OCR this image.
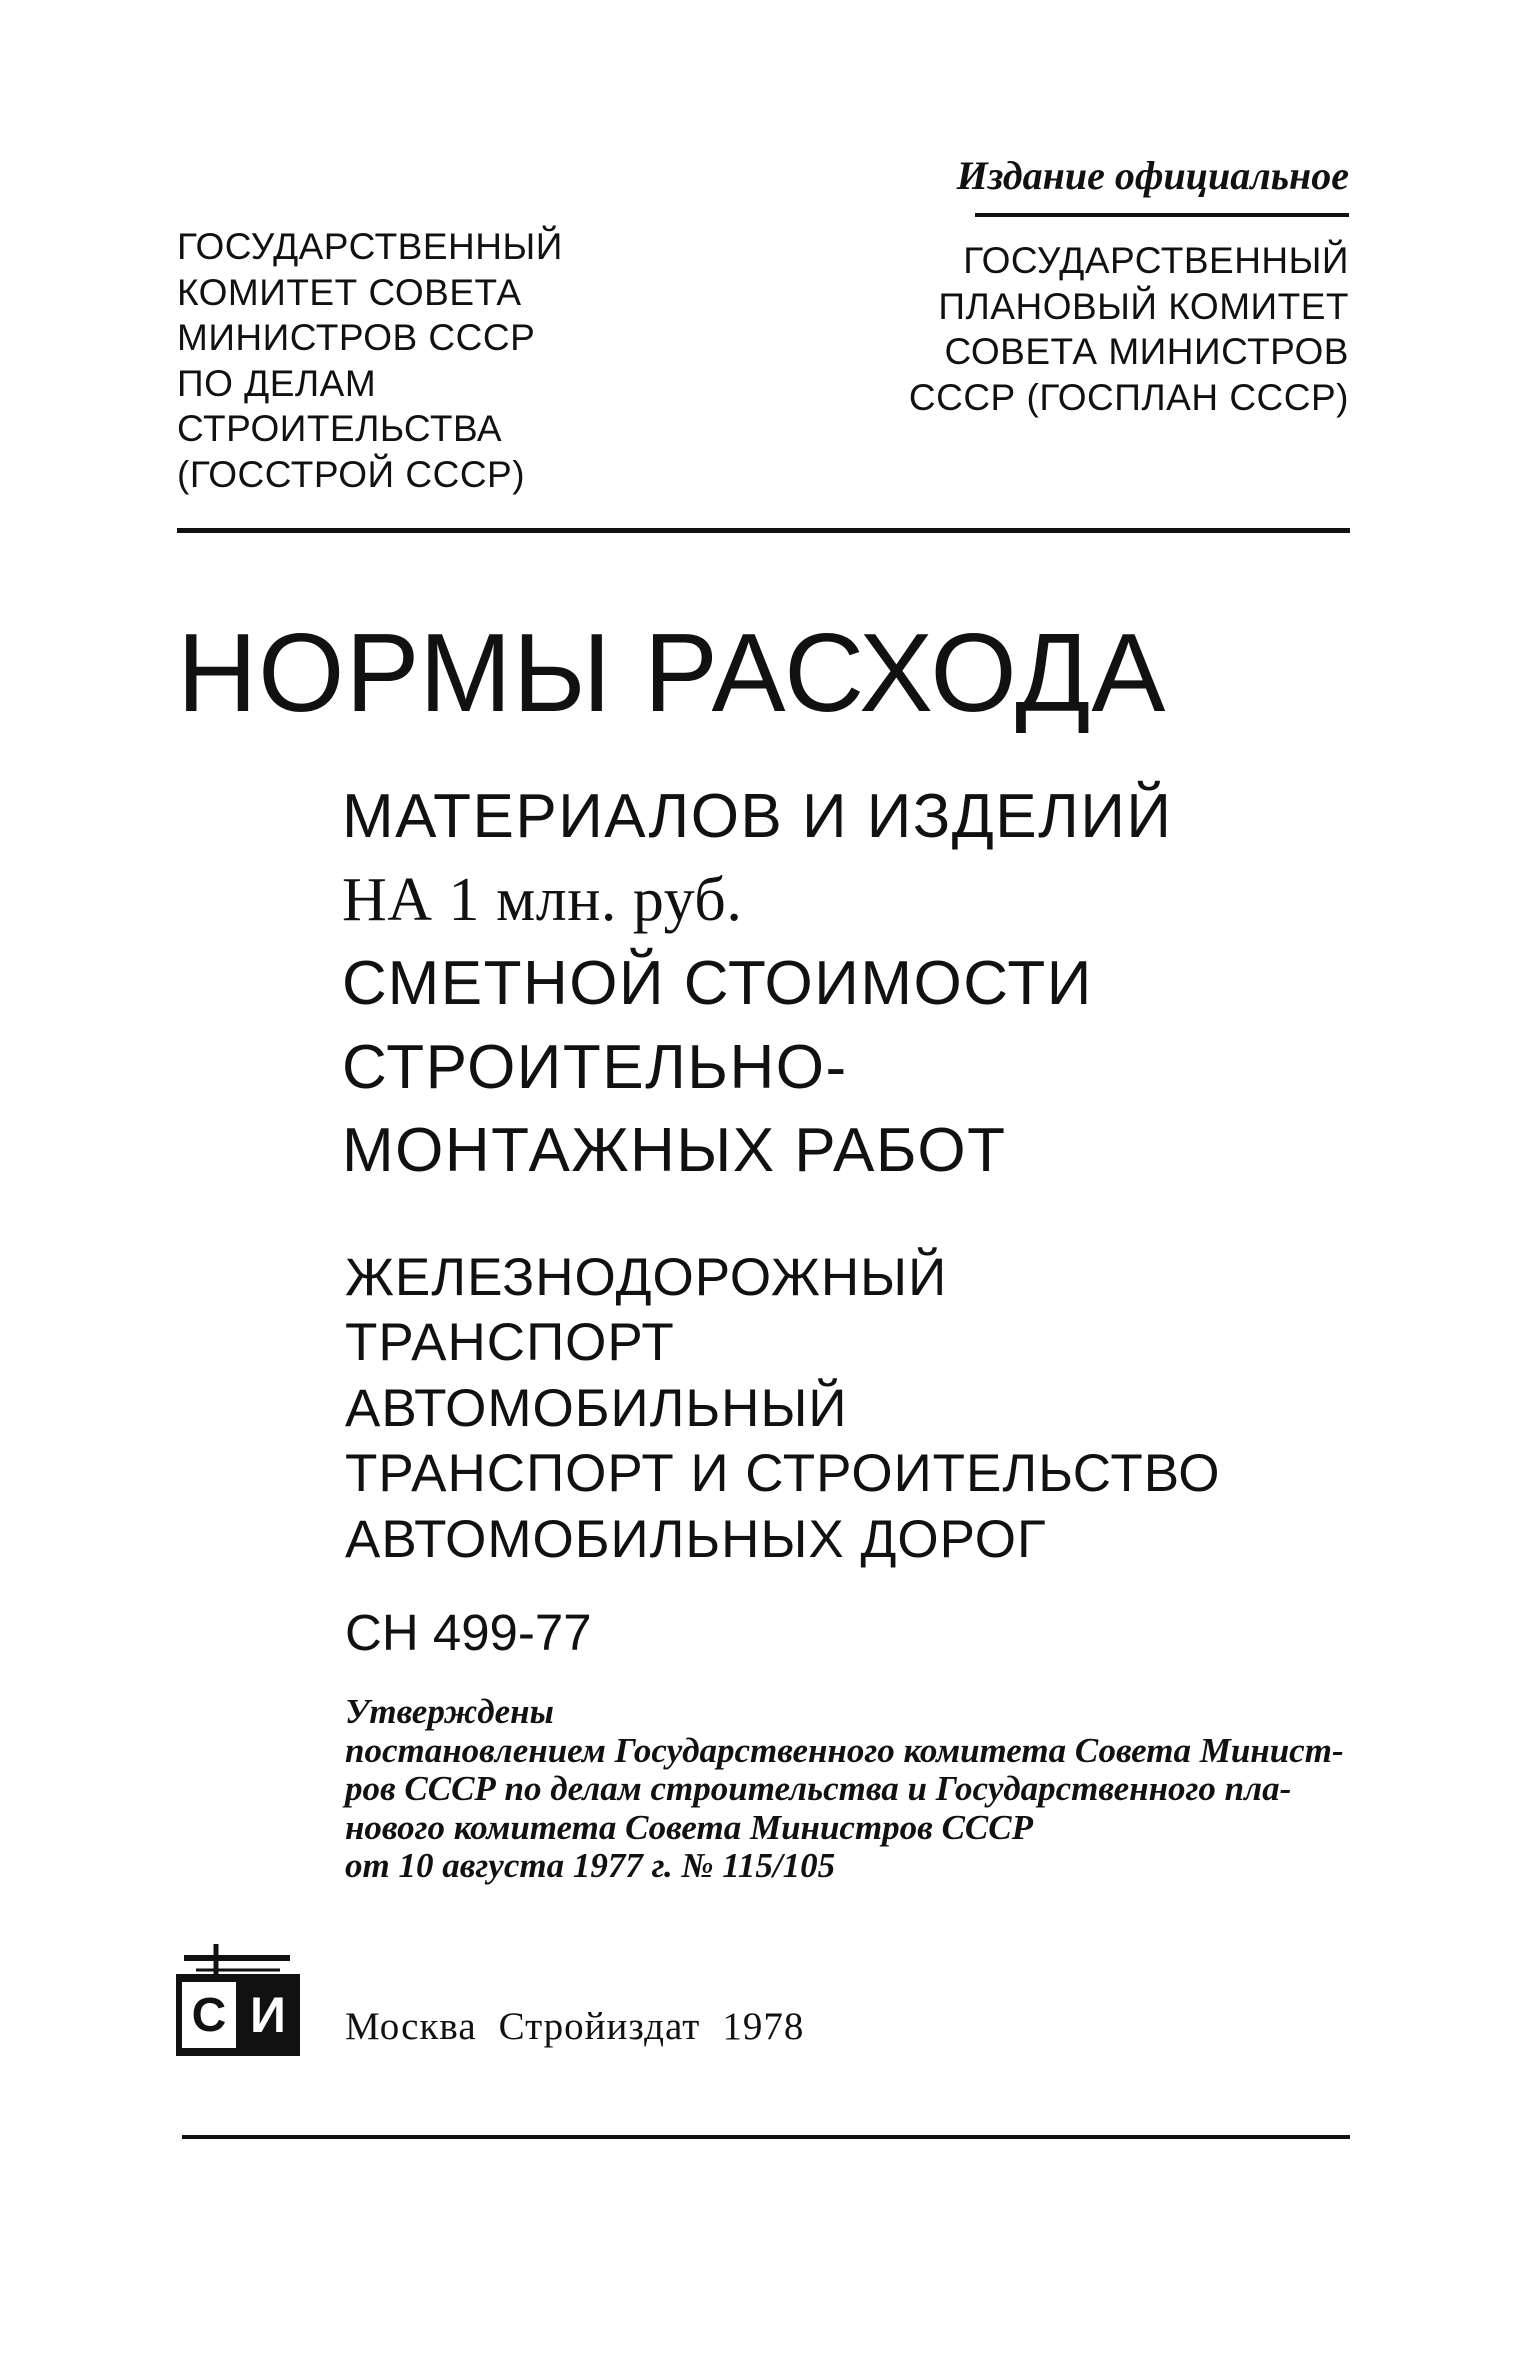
Издание официальное
ГОСУДАРСТВЕННЫЙ
КОМИТЕТ СОВЕТА
МИНИСТРОВ СССР
ПО ДЕЛАМ
СТРОИТЕЛЬСТВА
(ГОССТРОЙ СССР)
ГОСУДАРСТВЕННЫЙ
ПЛАНОВЫЙ КОМИТЕТ
СОВЕТА МИНИСТРОВ
СССР (ГОСПЛАН СССР)
НОРМЫ РАСХОДА
МАТЕРИАЛОВ И ИЗДЕЛИЙ
НА 1 млн. руб.
СМЕТНОЙ СТОИМОСТИ
СТРОИТЕЛЬНО-
МОНТАЖНЫХ РАБОТ
ЖЕЛЕЗНОДОРОЖНЫЙ
ТРАНСПОРТ
АВТОМОБИЛЬНЫЙ
ТРАНСПОРТ И СТРОИТЕЛЬСТВО
АВТОМОБИЛЬНЫХ ДОРОГ
СН 499-77
Утверждены
постановлением Государственного комитета Совета Минист-
ров СССР по делам строительства и Государственного пла-
нового комитета Совета Министров СССР
от 10 августа 1977 г. № 115/105
С И Москва Стройиздат 1978
